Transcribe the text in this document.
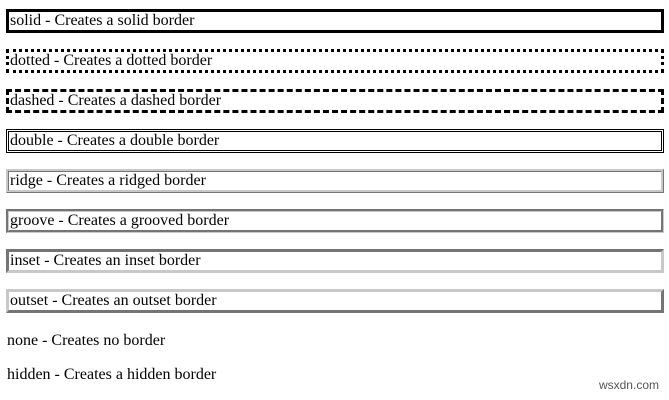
solid - Creates a solid border

dotted - Creates a dotted border

dashed - Creates a dashed border

double - Creates a double border

ridge - Creates a ridged border

groove - Creates a grooved border

inset - Creates an inset border

outset - Creates an outset border

none - Creates no border

hidden - Creates a hidden border

wsxdn.com
